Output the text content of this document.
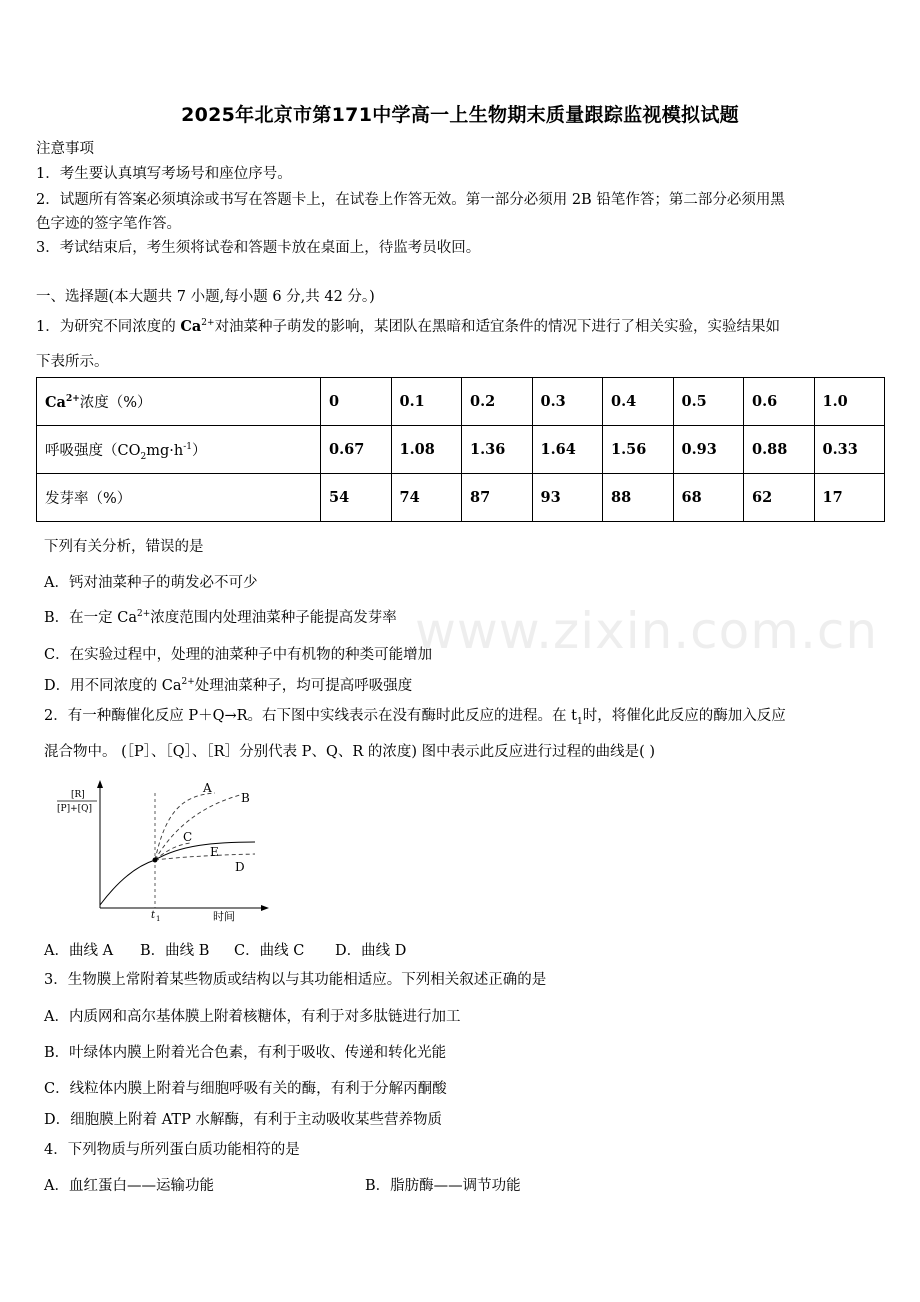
2025年北京市第171中学高一上生物期末质量跟踪监视模拟试题
注意事项
1．考生要认真填写考场号和座位序号。
2．试题所有答案必须填涂或书写在答题卡上，在试卷上作答无效。第一部分必须用 2B 铅笔作答；第二部分必须用黑
色字迹的签字笔作答。
3．考试结束后，考生须将试卷和答题卡放在桌面上，待监考员收回。
一、选择题(本大题共 7 小题,每小题 6 分,共 42 分。)
www.zixin.com.cn
1．为研究不同浓度的 $Ca^{2+}$对油菜种子萌发的影响，某团队在黑暗和适宜条件的情况下进行了相关实验，实验结果如
下表所示。
$Ca^{2+}$浓度（%）	0	0.1	0.2	0.3	0.4	0.5	0.6	1.0
呼吸强度$(CO_2mg\cdot h^{-1})$	0.67	1.08	1.36	1.64	1.56	0.93	0.88	0.33
发芽率（%）	54	74	87	93	88	68	62	17
下列有关分析，错误的是
A．钙对油菜种子的萌发必不可少
B．在一定 $Ca^{2+}$浓度范围内处理油菜种子能提高发芽率
C．在实验过程中，处理的油菜种子中有机物的种类可能增加
D．用不同浓度的 $Ca^{2+}$处理油菜种子，均可提高呼吸强度
2．有一种酶催化反应 P＋Q→R。右下图中实线表示在没有酶时此反应的进程。在 $t_1$时，将催化此反应的酶加入反应
混合物中。 (［P］、［Q］、［R］分别代表 P、Q、R 的浓度) 图中表示此反应进行过程的曲线是( )
[R]
[P]+[Q]
A
B
C
E
D
t 1	时间
A．曲线 A B．曲线 B C．曲线 C D．曲线 D
3．生物膜上常附着某些物质或结构以与其功能相适应。下列相关叙述正确的是
A．内质网和高尔基体膜上附着核糖体，有利于对多肽链进行加工
B．叶绿体内膜上附着光合色素，有利于吸收、传递和转化光能
C．线粒体内膜上附着与细胞呼吸有关的酶，有利于分解丙酮酸
D．细胞膜上附着 ATP 水解酶，有利于主动吸收某些营养物质
4．下列物质与所列蛋白质功能相符的是
A．血红蛋白——运输功能	B．脂肪酶——调节功能
